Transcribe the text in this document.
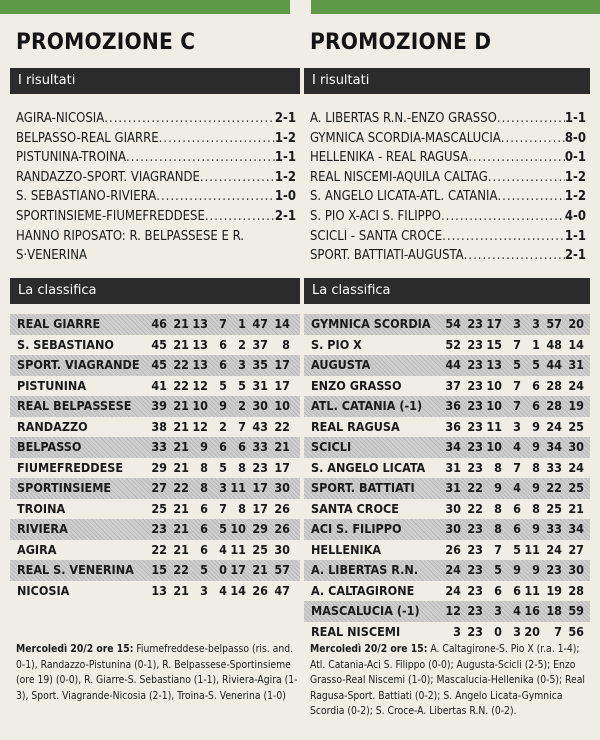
PROMOZIONE C
I risultati
AGIRA-NICOSIA .....	2-1
BELPASSO-REAL GIARRE .....	1-2
PISTUNINA-TROINA .....	1-1
RANDAZZO-SPORT. VIAGRANDE .....	1-2
S. SEBASTIANO-RIVIERA .....	1-0
SPORTINSIEME-FIUMEFREDDESE .....	2-1
HANNO RIPOSATO: R. BELPASSESE E R. S·VENERINA
La classifica
REAL GIARRE	46 21 13 7 1 47 14
S. SEBASTIANO	45 21 13 6 2 37	8
SPORT. VIAGRANDE 45 22 13 6 3 35 17
PISTUNINA	41 22 12 5 5 31 17
REAL BELPASSESE	39 21 10 9 2 30 10
RANDAZZO	38 21 12 2 7 43 22
BELPASSO	33 21 9 6 6 33 21
FIUMEFREDDESE	29 21 8 5 8 23 17
SPORTINSIEME	27 22 8 3 11 17 30
TROINA	25 21 6 7 8 17 26
RIVIERA	23 21 6 5 10 29 26
AGIRA	22 21 6 4 11 25 30
REAL S. VENERINA	15 22 5 0 17 21 57
NICOSIA	13 21 3 4 14 26 47
Mercoledì 20/2 ore 15: Fiumefreddese-belpasso (ris. and. 0-1), Randazzo-Pistunina (0-1), R. Belpassese-Sportinsieme (ore 19) (0-0), R. Giarre-S. Sebastiano (1-1), Riviera-Agira (1-3), Sport. Viagrande-Nicosia (2-1), Troina-S. Venerina (1-0)
PROMOZIONE D
I risultati
A. LIBERTAS R.N.-ENZO GRASSO .....	1-1
GYMNICA SCORDIA-MASCALUCIA .....	8-0
HELLENIKA - REAL RAGUSA .....	0-1
REAL NISCEMI-AQUILA CALTAG .....	1-2
S. ANGELO LICATA-ATL. CATANIA .....	1-2
S. PIO X-ACI S. FILIPPO .....	4-0
SCICLI - SANTA CROCE .....	1-1
SPORT. BATTIATI-AUGUSTA .....	2-1
La classifica
GYMNICA SCORDIA	54 23 17 3 3 57 20
S. PIO X	52 23 15 7 1 48 14
AUGUSTA	44 23 13 5 5 44 31
ENZO GRASSO	37 23 10 7 6 28 24
ATL. CATANIA (-1)	36 23 10 7 6 28 19
REAL RAGUSA	36 23 11 3 9 24 25
SCICLI	34 23 10 4 9 34 30
S. ANGELO LICATA	31 23 8 7 8 33 24
SPORT. BATTIATI	31 22 9 4 9 22 25
SANTA CROCE	30 22 8 6 8 25 21
ACI S. FILIPPO	30 23 8 6 9 33 34
HELLENIKA	26 23 7 5 11 24 27
A. LIBERTAS R.N.	24 23 5 9 9 23 30
A. CALTAGIRONE	24 23 6 6 11 19 28
MASCALUCIA (-1)	12 23 3 4 16 18 59
REAL NISCEMI	3 23 0 3 20	7 56
Mercoledì 20/2 ore 15: A. Caltagirone-S. Pio X (r.a. 1-4); Atl. Catania-Aci S. Filippo (0-0); Augusta-Scicli (2-5); Enzo Grasso-Real Niscemi (1-0); Mascalucia-Hellenika (0-5); Real Ragusa-Sport. Battiati (0-2); S. Angelo Licata-Gymnica Scordia (0-2); S. Croce-A. Libertas R.N. (0-2).
